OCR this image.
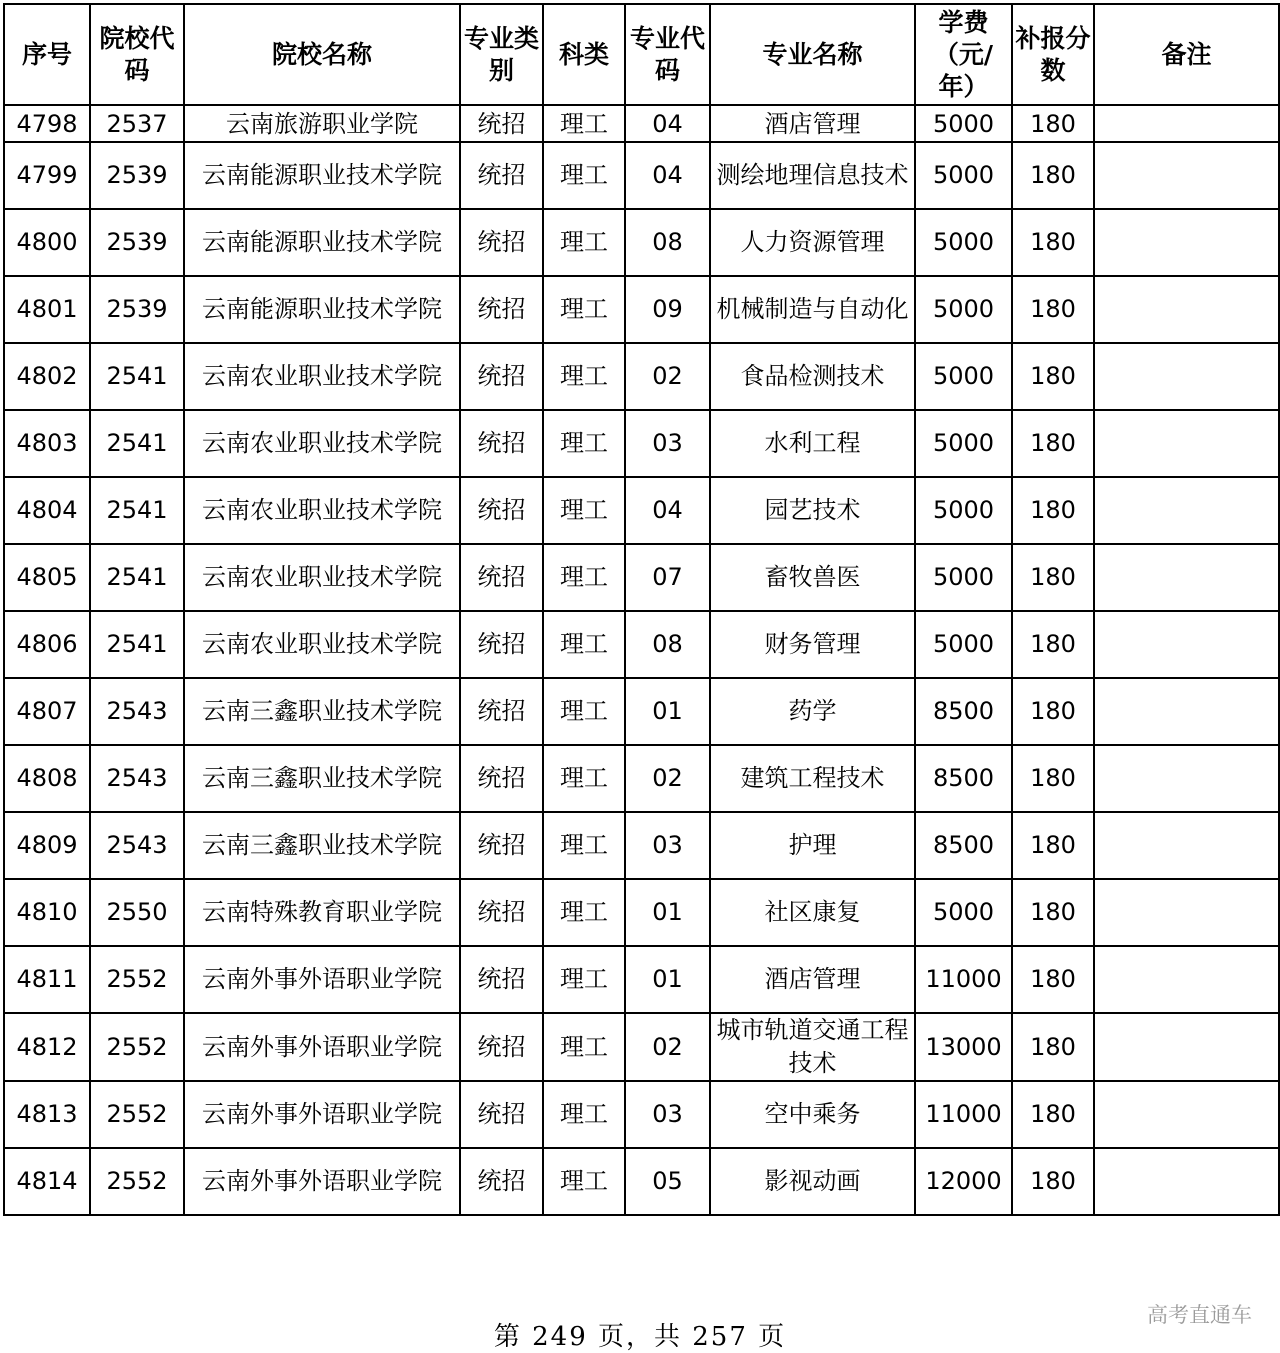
序号	院校代码	院校名称	专业类别	科类	专业代码	专业名称	学费（元/年）	补报分数	备注
4798	2537	云南旅游职业学院	统招	理工	04	酒店管理	5000	180	
4799	2539	云南能源职业技术学院	统招	理工	04	测绘地理信息技术	5000	180	
4800	2539	云南能源职业技术学院	统招	理工	08	人力资源管理	5000	180	
4801	2539	云南能源职业技术学院	统招	理工	09	机械制造与自动化	5000	180	
4802	2541	云南农业职业技术学院	统招	理工	02	食品检测技术	5000	180	
4803	2541	云南农业职业技术学院	统招	理工	03	水利工程	5000	180	
4804	2541	云南农业职业技术学院	统招	理工	04	园艺技术	5000	180	
4805	2541	云南农业职业技术学院	统招	理工	07	畜牧兽医	5000	180	
4806	2541	云南农业职业技术学院	统招	理工	08	财务管理	5000	180	
4807	2543	云南三鑫职业技术学院	统招	理工	01	药学	8500	180	
4808	2543	云南三鑫职业技术学院	统招	理工	02	建筑工程技术	8500	180	
4809	2543	云南三鑫职业技术学院	统招	理工	03	护理	8500	180	
4810	2550	云南特殊教育职业学院	统招	理工	01	社区康复	5000	180	
4811	2552	云南外事外语职业学院	统招	理工	01	酒店管理	11000	180	
4812	2552	云南外事外语职业学院	统招	理工	02	城市轨道交通工程技术	13000	180	
4813	2552	云南外事外语职业学院	统招	理工	03	空中乘务	11000	180	
4814	2552	云南外事外语职业学院	统招	理工	05	影视动画	12000	180	
第 249 页，共 257 页
高考直通车
